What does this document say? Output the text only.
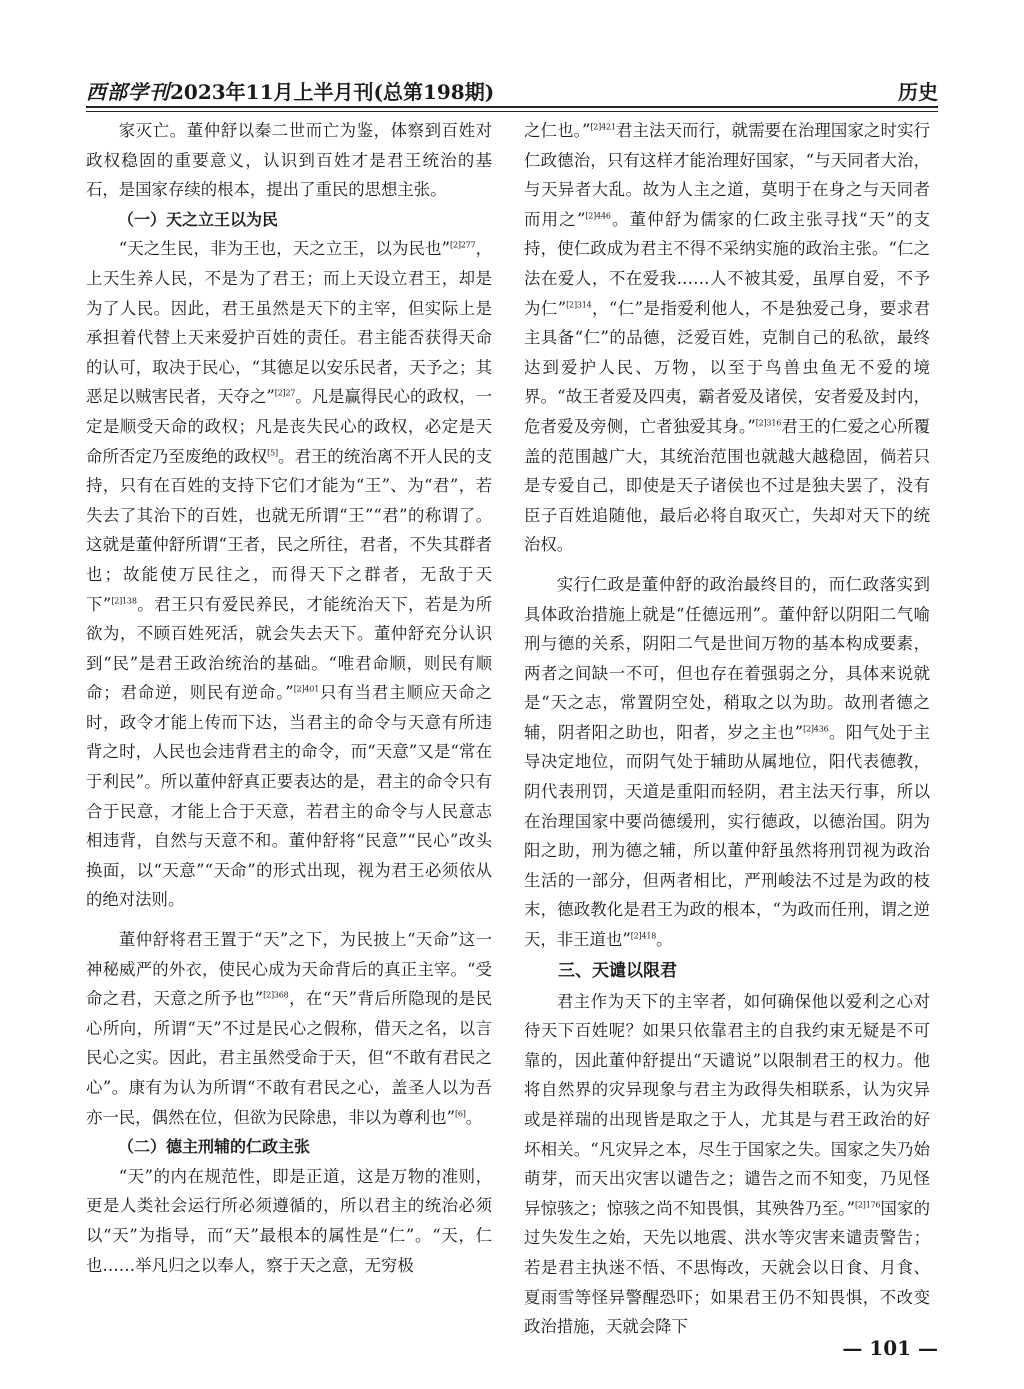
西部学刊2023年11月上半月刊(总第198期)	历史

家灭亡。董仲舒以秦二世而亡为鉴，体察到百姓对政权稳固的重要意义，认识到百姓才是君王统治的基石，是国家存续的根本，提出了重民的思想主张。

（一）天之立王以为民

“天之生民，非为王也，天之立王，以为民也”$^{[2]277}$，上天生养人民，不是为了君王；而上天设立君王，却是为了人民。因此，君王虽然是天下的主宰，但实际上是承担着代替上天来爱护百姓的责任。君主能否获得天命的认可，取决于民心，“其德足以安乐民者，天予之；其恶足以贼害民者，天夺之”$^{[2]27}$。凡是赢得民心的政权，一定是顺受天命的政权；凡是丧失民心的政权，必定是天命所否定乃至废绝的政权[5]。君王的统治离不开人民的支持，只有在百姓的支持下它们才能为“王”、为“君”，若失去了其治下的百姓，也就无所谓“王”“君”的称谓了。这就是董仲舒所谓“王者，民之所往，君者，不失其群者也；故能使万民往之，而得天下之群者，无敌于天下”$^{[2]138}$。君王只有爱民养民，才能统治天下，若是为所欲为，不顾百姓死活，就会失去天下。董仲舒充分认识到“民”是君王政治统治的基础。“唯君命顺，则民有顺命；君命逆，则民有逆命。”$^{[2]401}$只有当君主顺应天命之时，政令才能上传而下达，当君主的命令与天意有所违背之时，人民也会违背君主的命令，而“天意”又是“常在于利民”。所以董仲舒真正要表达的是，君主的命令只有合于民意，才能上合于天意，若君主的命令与人民意志相违背，自然与天意不和。董仲舒将“民意”“民心”改头换面，以“天意”“天命”的形式出现，视为君王必须依从的绝对法则。

董仲舒将君王置于“天”之下，为民披上“天命”这一神秘威严的外衣，使民心成为天命背后的真正主宰。“受命之君，天意之所予也”$^{[2]368}$，在“天”背后所隐现的是民心所向，所谓“天”不过是民心之假称，借天之名，以言民心之实。因此，君主虽然受命于天，但“不敢有君民之心”。康有为认为所谓“不敢有君民之心，盖圣人以为吾亦一民，偶然在位，但欲为民除患，非以为尊利也”[6]。

（二）德主刑辅的仁政主张

“天”的内在规范性，即是正道，这是万物的准则，更是人类社会运行所必须遵循的，所以君主的统治必须以“天”为指导，而“天”最根本的属性是“仁”。“天，仁也……举凡归之以奉人，察于天之意，无穷极

之仁也。”$^{[2]421}$君主法天而行，就需要在治理国家之时实行仁政德治，只有这样才能治理好国家，“与天同者大治，与天异者大乱。故为人主之道，莫明于在身之与天同者而用之”$^{[2]446}$。董仲舒为儒家的仁政主张寻找“天”的支持，使仁政成为君主不得不采纳实施的政治主张。“仁之法在爱人，不在爱我……人不被其爱，虽厚自爱，不予为仁”$^{[2]314}$，“仁”是指爱利他人，不是独爱己身，要求君主具备“仁”的品德，泛爱百姓，克制自己的私欲，最终达到爱护人民、万物，以至于鸟兽虫鱼无不爱的境界。“故王者爱及四夷，霸者爱及诸侯，安者爱及封内，危者爱及旁侧，亡者独爱其身。”$^{[2]316}$君王的仁爱之心所覆盖的范围越广大，其统治范围也就越大越稳固，倘若只是专爱自己，即使是天子诸侯也不过是独夫罢了，没有臣子百姓追随他，最后必将自取灭亡，失却对天下的统治权。

实行仁政是董仲舒的政治最终目的，而仁政落实到具体政治措施上就是“任德远刑”。董仲舒以阴阳二气喻刑与德的关系，阴阳二气是世间万物的基本构成要素，两者之间缺一不可，但也存在着强弱之分，具体来说就是“天之志，常置阴空处，稍取之以为助。故刑者德之辅，阴者阳之助也，阳者，岁之主也”$^{[2]436}$。阳气处于主导决定地位，而阴气处于辅助从属地位，阳代表德教，阴代表刑罚，天道是重阳而轻阴，君主法天行事，所以在治理国家中要尚德缓刑，实行德政，以德治国。阴为阳之助，刑为德之辅，所以董仲舒虽然将刑罚视为政治生活的一部分，但两者相比，严刑峻法不过是为政的枝末，德政教化是君王为政的根本，“为政而任刑，谓之逆天，非王道也”$^{[2]418}$。

三、天谴以限君

君主作为天下的主宰者，如何确保他以爱利之心对待天下百姓呢？如果只依靠君主的自我约束无疑是不可靠的，因此董仲舒提出“天谴说”以限制君王的权力。他将自然界的灾异现象与君主为政得失相联系，认为灾异或是祥瑞的出现皆是取之于人，尤其是与君王政治的好坏相关。“凡灾异之本，尽生于国家之失。国家之失乃始萌芽，而天出灾害以谴告之；谴告之而不知变，乃见怪异惊骇之；惊骇之尚不知畏惧，其殃咎乃至。”$^{[2]176}$国家的过失发生之始，天先以地震、洪水等灾害来谴责警告；若是君主执迷不悟、不思悔改，天就会以日食、月食、夏雨雪等怪异警醒恐吓；如果君王仍不知畏惧，不改变政治措施，天就会降下

— 101 —
